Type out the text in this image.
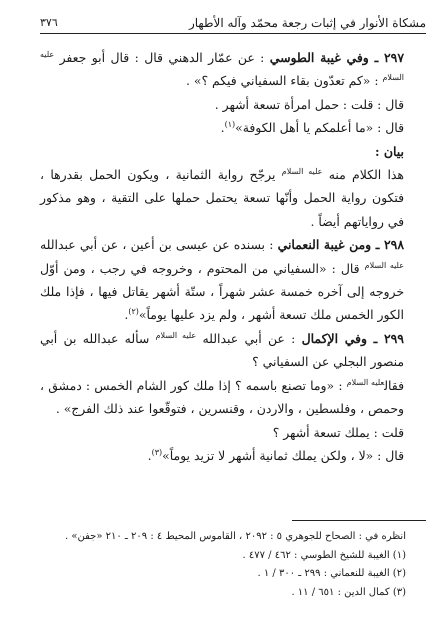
مشكاة الأنوار في إثبات رجعة محمّد وآله الأطهار
٣٧٦

٢٩٧ ـ وفي غيبة الطوسي : عن عمّار الدهني قال : قال أبو جعفر $^{عليه السلام}$ : «كم تعدّون بقاء السفياني فيكم ؟» .

قال : قلت : حمل امرأة تسعة أشهر .

قال : «ما أعلمكم يا أهل الكوفة»$^{(١)}$.

بيان :

هذا الكلام منه $^{عليه السلام}$ يرجّح رواية الثمانية ، ويكون الحمل بقدرها ، فتكون رواية الحمل وأنّها تسعة يحتمل حملها على التقية ، وهو مذكور في رواياتهم أيضاً .

٢٩٨ ـ ومن غيبة النعماني : بسنده عن عيسى بن أعين ، عن أبي عبدالله $^{عليه السلام}$ قال : «السفياني من المحتوم ، وخروجه في رجب ، ومن أوّل خروجه إلى آخره خمسة عشر شهراً ، ستّة أشهر يقاتل فيها ، فإذا ملك الكور الخمس ملك تسعة أشهر ، ولم يزد عليها يوماً»$^{(٢)}$.

٢٩٩ ـ وفي الإكمال : عن أبي عبدالله $^{عليه السلام}$ سأله عبدالله بن أبي منصور البجلي عن السفياني ؟

فقال$^{عليه السلام}$ : «وما تصنع باسمه ؟ إذا ملك كور الشام الخمس : دمشق ، وحمص ، وفلسطين ، والاردن ، وقنسرين ، فتوقّعوا عند ذلك الفرج» .

قلت : يملك تسعة أشهر ؟

قال : «لا ، ولكن يملك ثمانية أشهر لا تزيد يوماً»$^{(٣)}$.

انظره في : الصحاح للجوهري ٥ : ٢٠٩٢ ، القاموس المحيط ٤ : ٢٠٩ ـ ٢١٠ «جفن» .

(١) الغيبة للشيخ الطوسي : ٤٦٢ / ٤٧٧ .

(٢) الغيبة للنعماني : ٢٩٩ ـ ٣٠٠ / ١ .

(٣) كمال الدين : ٦٥١ / ١١ .
